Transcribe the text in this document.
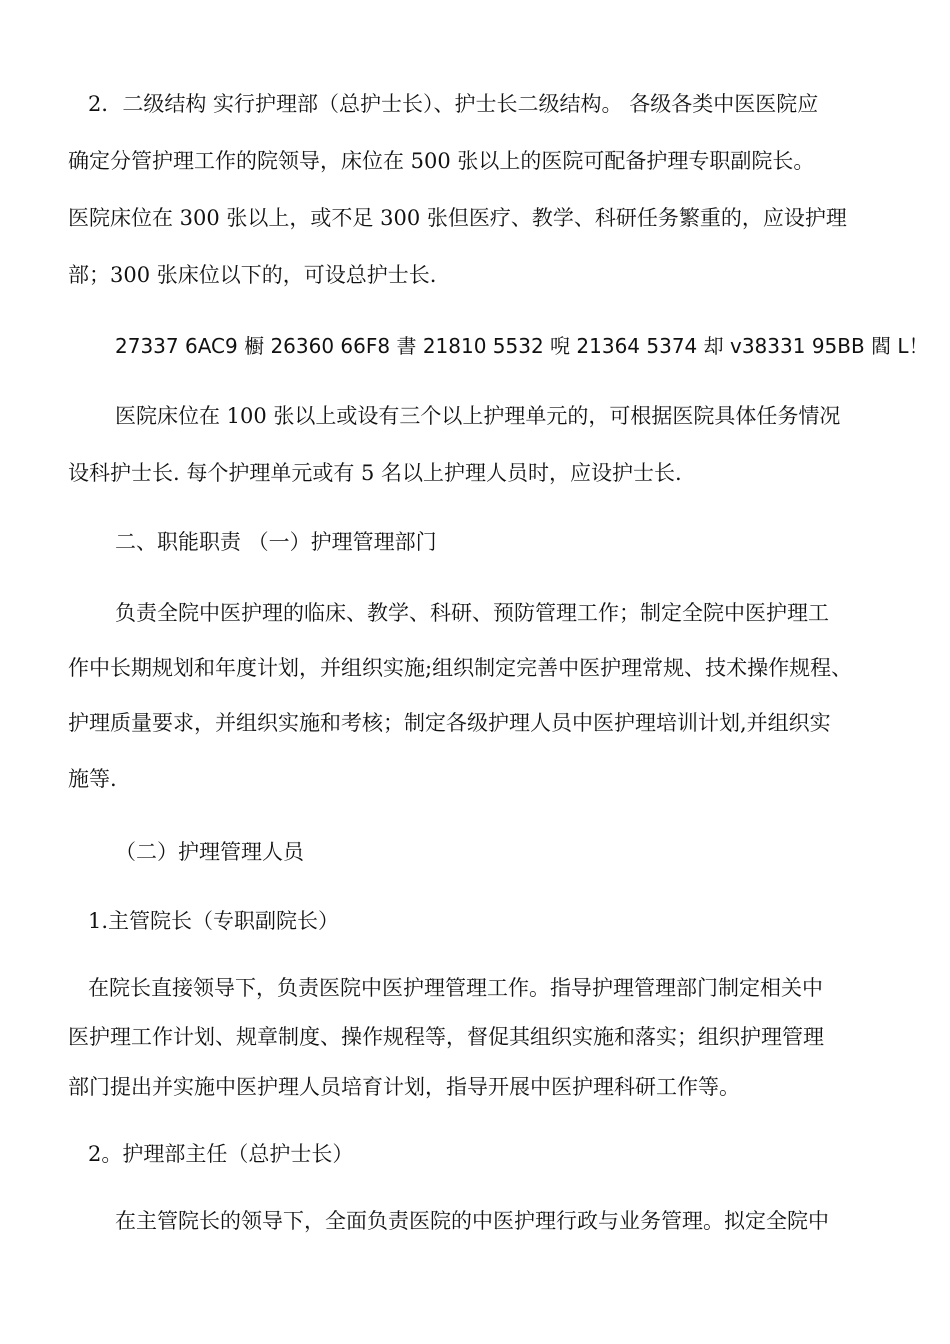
2．二级结构 实行护理部（总护士长）、护士长二级结构。 各级各类中医医院应
确定分管护理工作的院领导，床位在 500 张以上的医院可配备护理专职副院长。
医院床位在 300 张以上，或不足 300 张但医疗、教学、科研任务繁重的，应设护理
部；300 张床位以下的，可设总护士长.
27337 6AC9 櫉 26360 66F8 書 21810 5532 唲 21364 5374 却 v38331 95BB 閻 L！
医院床位在 100 张以上或设有三个以上护理单元的，可根据医院具体任务情况
设科护士长. 每个护理单元或有 5 名以上护理人员时，应设护士长.
二、职能职责 （一）护理管理部门
负责全院中医护理的临床、教学、科研、预防管理工作；制定全院中医护理工
作中长期规划和年度计划，并组织实施;组织制定完善中医护理常规、技术操作规程、
护理质量要求，并组织实施和考核；制定各级护理人员中医护理培训计划,并组织实
施等.
（二）护理管理人员
1.主管院长（专职副院长）
在院长直接领导下，负责医院中医护理管理工作。指导护理管理部门制定相关中
医护理工作计划、规章制度、操作规程等，督促其组织实施和落实；组织护理管理
部门提出并实施中医护理人员培育计划，指导开展中医护理科研工作等。
2。护理部主任（总护士长）
在主管院长的领导下，全面负责医院的中医护理行政与业务管理。拟定全院中
